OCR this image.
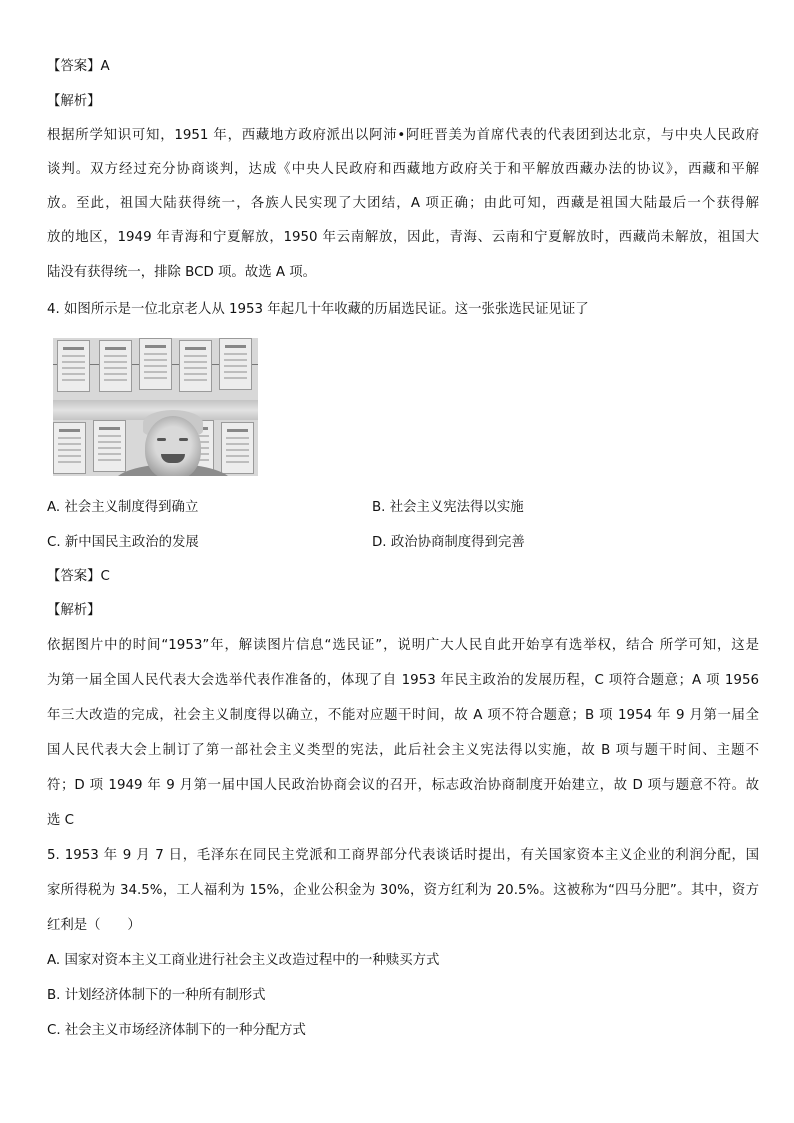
【答案】A
【解析】
根据所学知识可知，1951 年，西藏地方政府派出以阿沛•阿旺晋美为首席代表的代表团到达北京，与中央人民政府
谈判。双方经过充分协商谈判，达成《中央人民政府和西藏地方政府关于和平解放西藏办法的协议》，西藏和平解
放。至此，祖国大陆获得统一，各族人民实现了大团结，A 项正确；由此可知，西藏是祖国大陆最后一个获得解
放的地区，1949 年青海和宁夏解放，1950 年云南解放，因此，青海、云南和宁夏解放时，西藏尚未解放，祖国大
陆没有获得统一，排除 BCD 项。故选 A 项。
4. 如图所示是一位北京老人从 1953 年起几十年收藏的历届选民证。这一张张选民证见证了
A. 社会主义制度得到确立	B. 社会主义宪法得以实施
C. 新中国民主政治的发展	D. 政治协商制度得到完善
【答案】C
【解析】
依据图片中的时间“1953”年，解读图片信息“选民证”，说明广大人民自此开始享有选举权，结合 所学可知，这是
为第一届全国人民代表大会选举代表作准备的，体现了自 1953 年民主政治的发展历程，C 项符合题意；A 项 1956
年三大改造的完成，社会主义制度得以确立，不能对应题干时间，故 A 项不符合题意；B 项 1954 年 9 月第一届全
国人民代表大会上制订了第一部社会主义类型的宪法，此后社会主义宪法得以实施，故 B 项与题干时间、主题不
符；D 项 1949 年 9 月第一届中国人民政治协商会议的召开，标志政治协商制度开始建立，故 D 项与题意不符。故
选 C
5. 1953 年 9 月 7 日，毛泽东在同民主党派和工商界部分代表谈话时提出，有关国家资本主义企业的利润分配，国
家所得税为 34.5%，工人福利为 15%，企业公积金为 30%，资方红利为 20.5%。这被称为“四马分肥”。其中，资方
红利是（　　）
A. 国家对资本主义工商业进行社会主义改造过程中的一种赎买方式
B. 计划经济体制下的一种所有制形式
C. 社会主义市场经济体制下的一种分配方式
